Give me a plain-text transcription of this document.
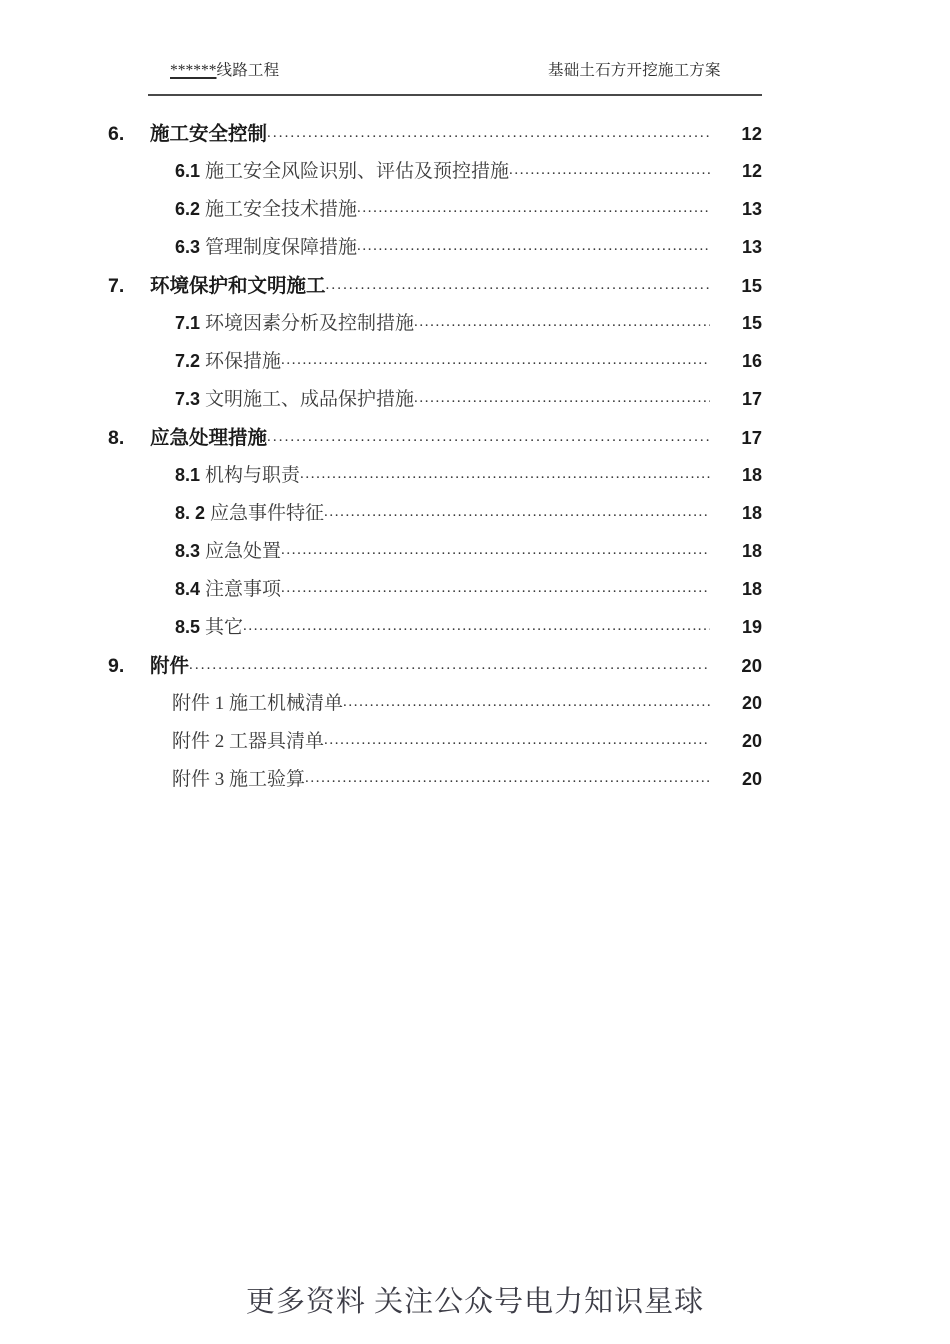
******线路工程	基础土石方开挖施工方案
6.	施工安全控制 .....	12
6.1 施工安全风险识别、评估及预控措施 .....	12
6.2 施工安全技术措施 .....	13
6.3 管理制度保障措施 .....	13
7.	环境保护和文明施工 .....	15
7.1 环境因素分析及控制措施 .....	15
7.2 环保措施 .....	16
7.3 文明施工、成品保护措施 .....	17
8.	应急处理措施 .....	17
8.1 机构与职责 .....	18
8. 2 应急事件特征 .....	18
8.3 应急处置 .....	18
8.4 注意事项 .....	18
8.5 其它 .....	19
9.	附件 .....	20
附件 1 施工机械清单 .....	20
附件 2 工器具清单 .....	20
附件 3 施工验算 .....	20
更多资料 关注公众号电力知识星球
